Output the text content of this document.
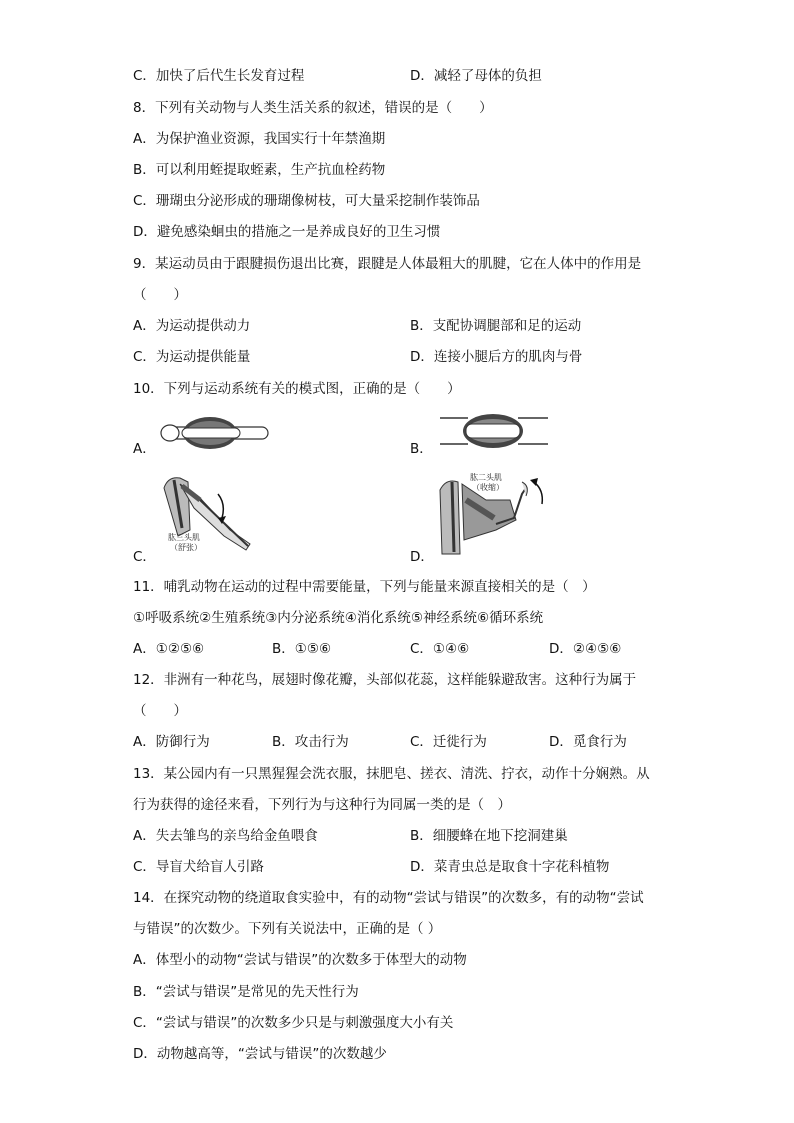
C．加快了后代生长发育过程	D．减轻了母体的负担
8．下列有关动物与人类生活关系的叙述，错误的是（　　）
A．为保护渔业资源，我国实行十年禁渔期
B．可以利用蛭提取蛭素，生产抗血栓药物
C．珊瑚虫分泌形成的珊瑚像树枝，可大量采挖制作装饰品
D．避免感染蛔虫的措施之一是养成良好的卫生习惯
9．某运动员由于跟腱损伤退出比赛，跟腱是人体最粗大的肌腱，它在人体中的作用是
（　　）
A．为运动提供动力	B．支配协调腿部和足的运动
C．为运动提供能量	D．连接小腿后方的肌肉与骨
10．下列与运动系统有关的模式图，正确的是（　　）
A．	B．
C．
肱三头肌
（舒张）
D．
肱二头肌
（收缩）
11．哺乳动物在运动的过程中需要能量，下列与能量来源直接相关的是（　）
①呼吸系统②生殖系统③内分泌系统④消化系统⑤神经系统⑥循环系统
A．①②⑤⑥	B．①⑤⑥	C．①④⑥	D．②④⑤⑥
12．非洲有一种花鸟，展翅时像花瓣，头部似花蕊，这样能躲避敌害。这种行为属于
（　　）
A．防御行为	B．攻击行为	C．迁徙行为	D．觅食行为
13．某公园内有一只黑猩猩会洗衣服，抹肥皂、搓衣、清洗、拧衣，动作十分娴熟。从
行为获得的途径来看，下列行为与这种行为同属一类的是（　）
A．失去雏鸟的亲鸟给金鱼喂食	B．细腰蜂在地下挖洞建巢
C．导盲犬给盲人引路	D．菜青虫总是取食十字花科植物
14．在探究动物的绕道取食实验中，有的动物“尝试与错误”的次数多，有的动物“尝试
与错误”的次数少。下列有关说法中，正确的是（ ）
A．体型小的动物“尝试与错误”的次数多于体型大的动物
B．“尝试与错误”是常见的先天性行为
C．“尝试与错误”的次数多少只是与刺激强度大小有关
D．动物越高等，“尝试与错误”的次数越少
